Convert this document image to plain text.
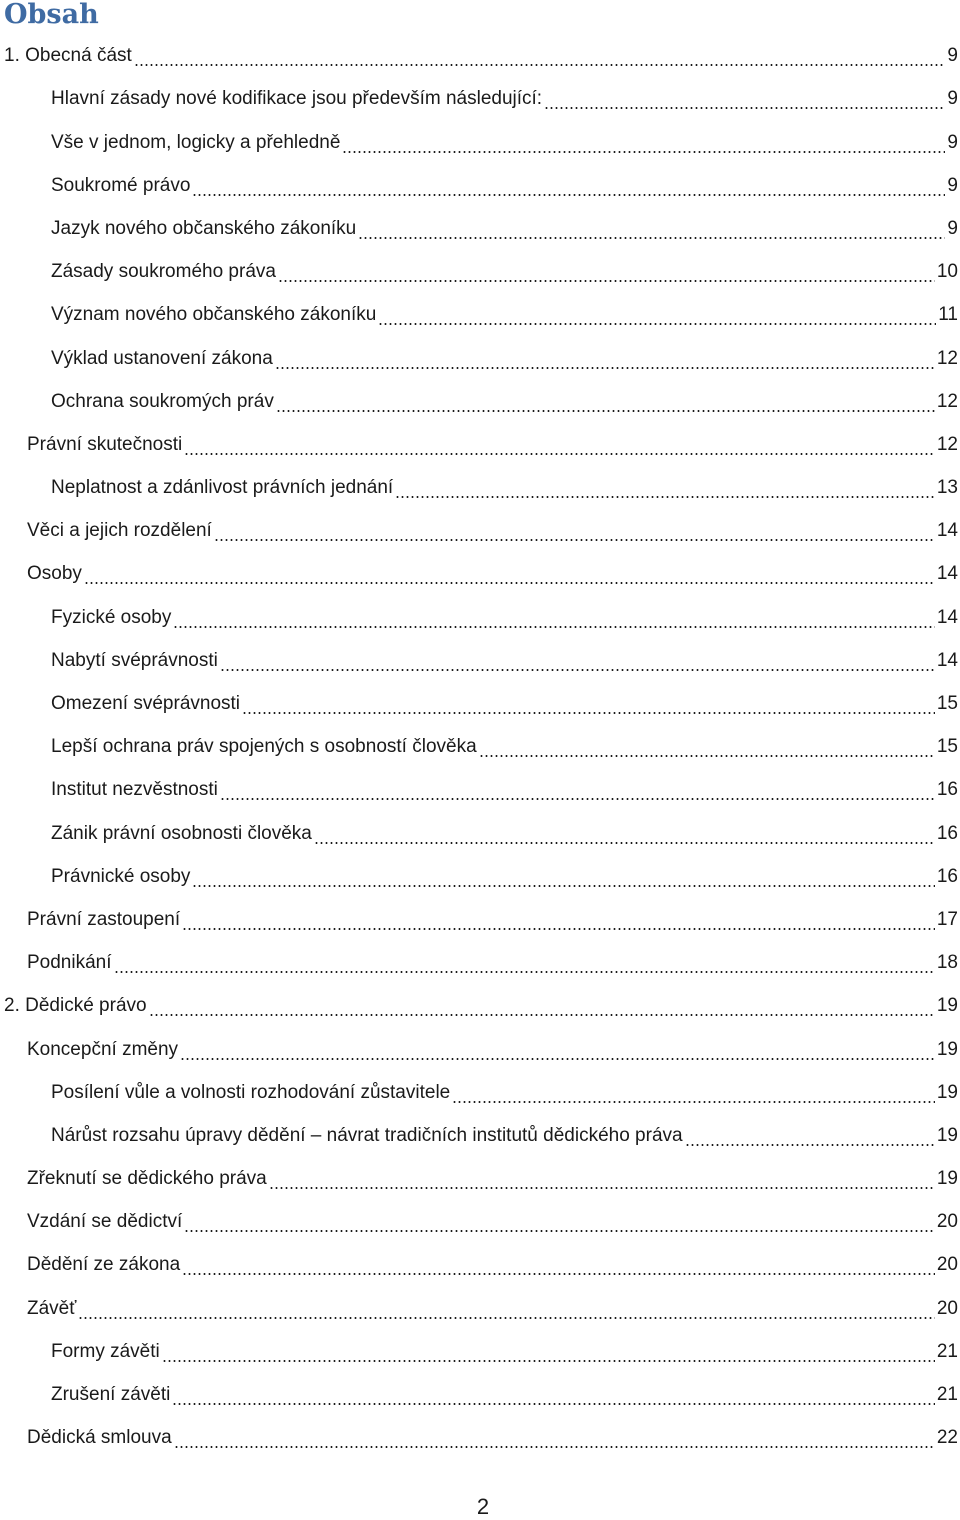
Obsah
1. Obecná část	9
Hlavní zásady nové kodifikace jsou především následující:	9
Vše v jednom, logicky a přehledně	9
Soukromé právo	9
Jazyk nového občanského zákoníku	9
Zásady soukromého práva	10
Význam nového občanského zákoníku	11
Výklad ustanovení zákona	12
Ochrana soukromých práv	12
Právní skutečnosti	12
Neplatnost a zdánlivost právních jednání	13
Věci a jejich rozdělení	14
Osoby	14
Fyzické osoby	14
Nabytí svéprávnosti	14
Omezení svéprávnosti	15
Lepší ochrana práv spojených s osobností člověka	15
Institut nezvěstnosti	16
Zánik právní osobnosti člověka	16
Právnické osoby	16
Právní zastoupení	17
Podnikání	18
2. Dědické právo	19
Koncepční změny	19
Posílení vůle a volnosti rozhodování zůstavitele	19
Nárůst rozsahu úpravy dědění – návrat tradičních institutů dědického práva	19
Zřeknutí se dědického práva	19
Vzdání se dědictví	20
Dědění ze zákona	20
Závěť	20
Formy závěti	21
Zrušení závěti	21
Dědická smlouva	22
2
